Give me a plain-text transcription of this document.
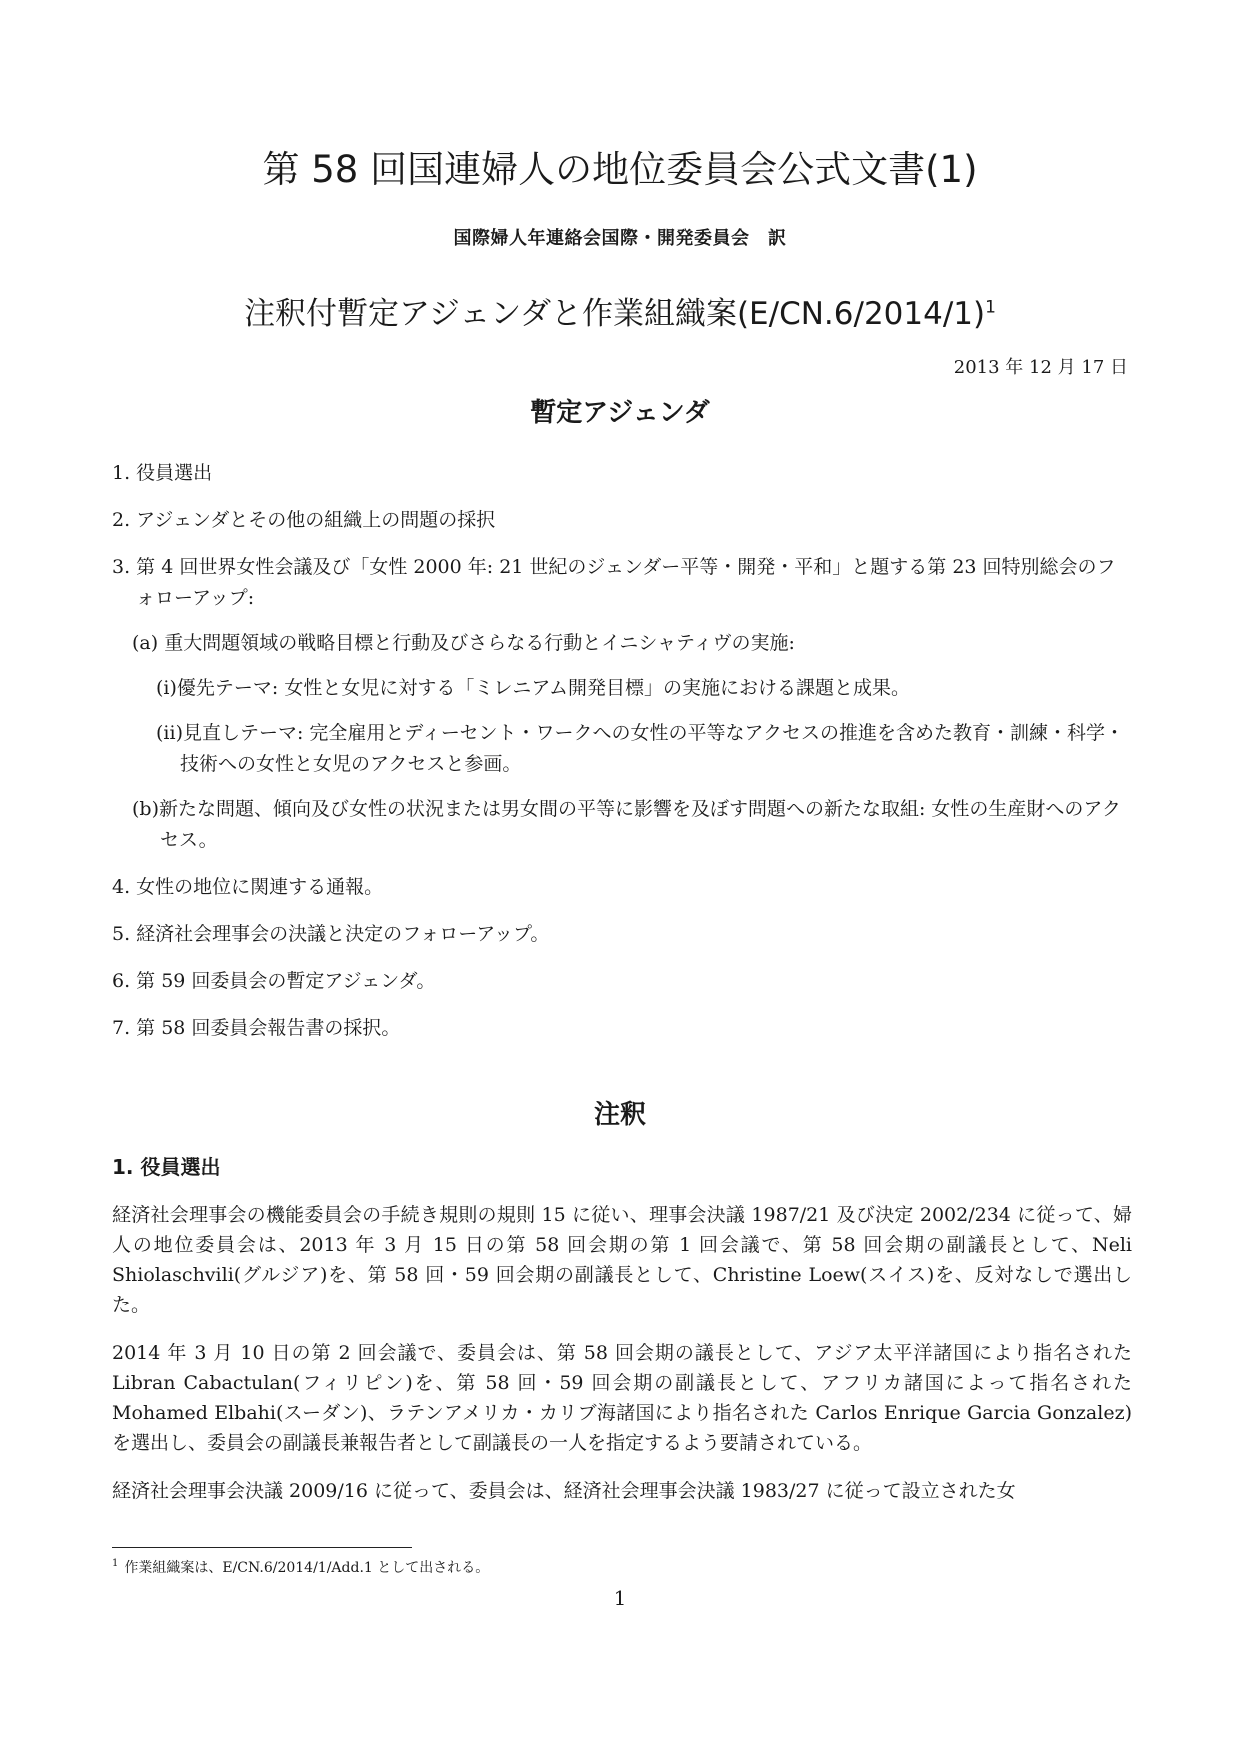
第 58 回国連婦人の地位委員会公式文書(1)
国際婦人年連絡会国際・開発委員会　訳
注釈付暫定アジェンダと作業組織案$(E/CN.6/2014/1)^1$
2013 年 12 月 17 日
暫定アジェンダ
1. 役員選出
2. アジェンダとその他の組織上の問題の採択
3. 第 4 回世界女性会議及び「女性 2000 年: 21 世紀のジェンダー平等・開発・平和」と題する第 23 回特別総会のフォローアップ:
(a) 重大問題領域の戦略目標と行動及びさらなる行動とイニシャティヴの実施:
(i)優先テーマ: 女性と女児に対する「ミレニアム開発目標」の実施における課題と成果。
(ii)見直しテーマ: 完全雇用とディーセント・ワークへの女性の平等なアクセスの推進を含めた教育・訓練・科学・技術への女性と女児のアクセスと参画。
(b)新たな問題、傾向及び女性の状況または男女間の平等に影響を及ぼす問題への新たな取組: 女性の生産財へのアクセス。
4. 女性の地位に関連する通報。
5. 経済社会理事会の決議と決定のフォローアップ。
6. 第 59 回委員会の暫定アジェンダ。
7. 第 58 回委員会報告書の採択。
注釈

1. 役員選出

経済社会理事会の機能委員会の手続き規則の規則 15 に従い、理事会決議 1987/21 及び決定 2002/234 に従って、婦人の地位委員会は、2013 年 3 月 15 日の第 58 回会期の第 1 回会議で、第 58 回会期の副議長として、Neli Shiolaschvili(グルジア)を、第 58 回・59 回会期の副議長として、Christine Loew(スイス)を、反対なしで選出した。

2014 年 3 月 10 日の第 2 回会議で、委員会は、第 58 回会期の議長として、アジア太平洋諸国により指名された Libran Cabactulan(フィリピン)を、第 58 回・59 回会期の副議長として、アフリカ諸国によって指名された Mohamed Elbahi(スーダン)、ラテンアメリカ・カリブ海諸国により指名された Carlos Enrique Garcia Gonzalez) を選出し、委員会の副議長兼報告者として副議長の一人を指定するよう要請されている。

経済社会理事会決議 2009/16 に従って、委員会は、経済社会理事会決議 1983/27 に従って設立された女

$^1$ 作業組織案は、E/CN.6/2014/1/Add.1 として出される。
1
